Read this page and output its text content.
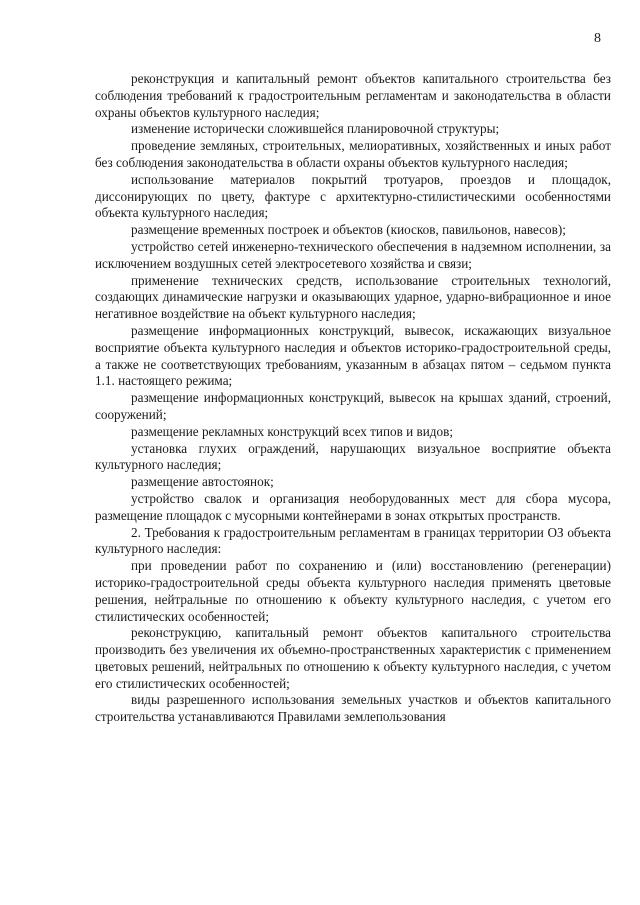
8

реконструкция и капитальный ремонт объектов капитального строительства без соблюдения требований к градостроительным регламентам и законодательства в области охраны объектов культурного наследия;

изменение исторически сложившейся планировочной структуры;

проведение земляных, строительных, мелиоративных, хозяйственных и иных работ без соблюдения законодательства в области охраны объектов культурного наследия;

использование материалов покрытий тротуаров, проездов и площадок, диссонирующих по цвету, фактуре с архитектурно-стилистическими особенностями объекта культурного наследия;

размещение временных построек и объектов (киосков, павильонов, навесов);

устройство сетей инженерно-технического обеспечения в надземном исполнении, за исключением воздушных сетей электросетевого хозяйства и связи;

применение технических средств, использование строительных технологий, создающих динамические нагрузки и оказывающих ударное, ударно-вибрационное и иное негативное воздействие на объект культурного наследия;

размещение информационных конструкций, вывесок, искажающих визуальное восприятие объекта культурного наследия и объектов историко-градостроительной среды, а также не соответствующих требованиям, указанным в абзацах пятом – седьмом пункта 1.1. настоящего режима;

размещение информационных конструкций, вывесок на крышах зданий, строений, сооружений;

размещение рекламных конструкций всех типов и видов;

установка глухих ограждений, нарушающих визуальное восприятие объекта культурного наследия;

размещение автостоянок;

устройство свалок и организация необорудованных мест для сбора мусора, размещение площадок с мусорными контейнерами в зонах открытых пространств.

2. Требования к градостроительным регламентам в границах территории ОЗ объекта культурного наследия:

при проведении работ по сохранению и (или) восстановлению (регенерации) историко-градостроительной среды объекта культурного наследия применять цветовые решения, нейтральные по отношению к объекту культурного наследия, с учетом его стилистических особенностей;

реконструкцию, капитальный ремонт объектов капитального строительства производить без увеличения их объемно-пространственных характеристик с применением цветовых решений, нейтральных по отношению к объекту культурного наследия, с учетом его стилистических особенностей;

виды разрешенного использования земельных участков и объектов капитального строительства устанавливаются Правилами землепользования
